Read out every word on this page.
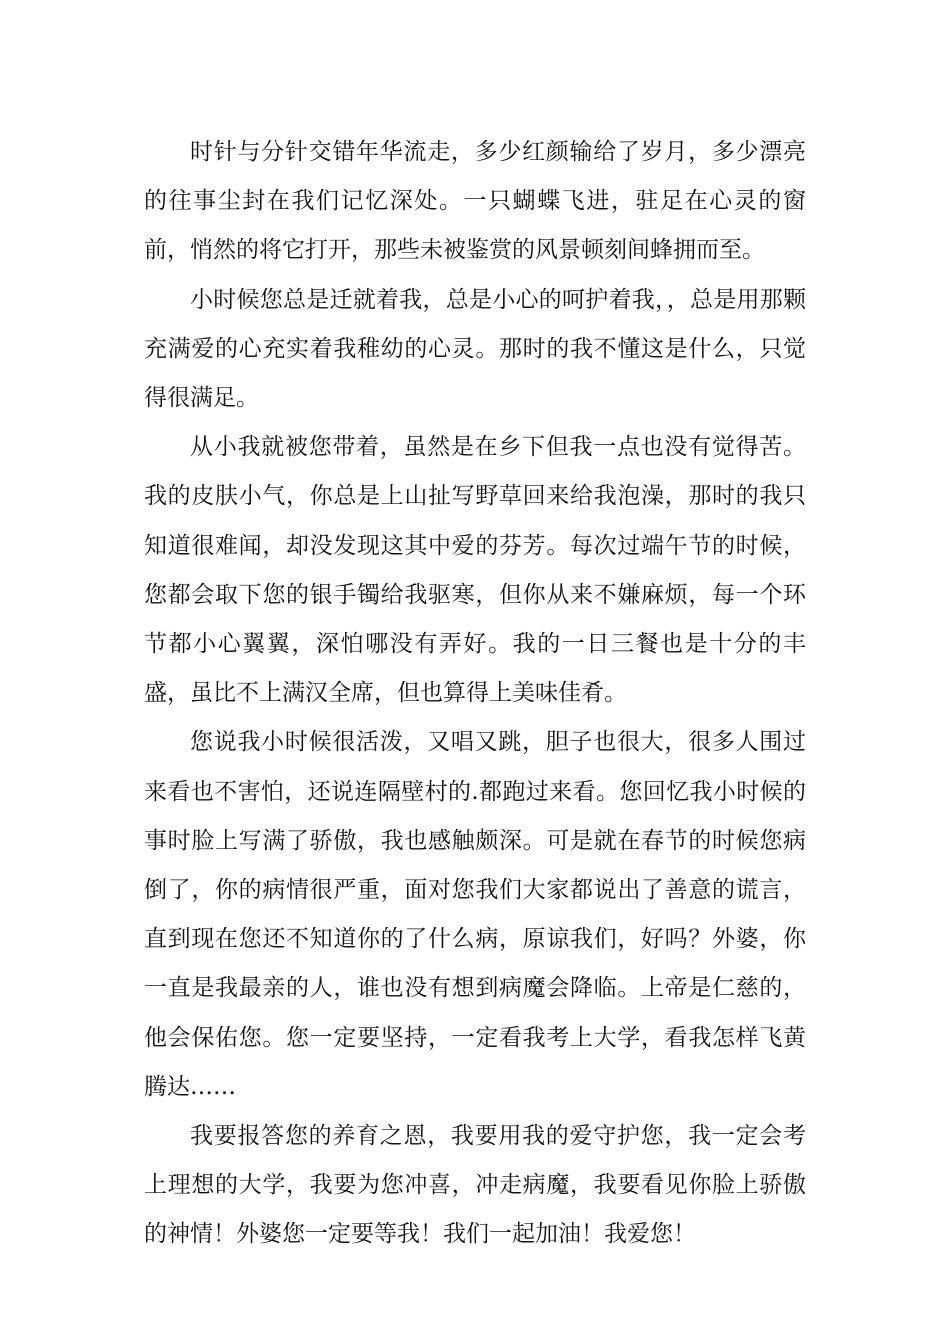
时针与分针交错年华流走，多少红颜输给了岁月，多少漂亮的往事尘封在我们记忆深处。一只蝴蝶飞进，驻足在心灵的窗前，悄然的将它打开，那些未被鉴赏的风景顿刻间蜂拥而至。

小时候您总是迁就着我，总是小心的呵护着我，，总是用那颗充满爱的心充实着我稚幼的心灵。那时的我不懂这是什么，只觉得很满足。

从小我就被您带着，虽然是在乡下但我一点也没有觉得苦。我的皮肤小气，你总是上山扯写野草回来给我泡澡，那时的我只知道很难闻，却没发现这其中爱的芬芳。每次过端午节的时候，您都会取下您的银手镯给我驱寒，但你从来不嫌麻烦，每一个环节都小心翼翼，深怕哪没有弄好。我的一日三餐也是十分的丰盛，虽比不上满汉全席，但也算得上美味佳肴。

您说我小时候很活泼，又唱又跳，胆子也很大，很多人围过来看也不害怕，还说连隔壁村的.都跑过来看。您回忆我小时候的事时脸上写满了骄傲，我也感触颇深。可是就在春节的时候您病倒了，你的病情很严重，面对您我们大家都说出了善意的谎言，直到现在您还不知道你的了什么病，原谅我们，好吗？外婆，你一直是我最亲的人，谁也没有想到病魔会降临。上帝是仁慈的，他会保佑您。您一定要坚持，一定看我考上大学，看我怎样飞黄腾达……

我要报答您的养育之恩，我要用我的爱守护您，我一定会考上理想的大学，我要为您冲喜，冲走病魔，我要看见你脸上骄傲的神情！外婆您一定要等我！我们一起加油！我爱您！
